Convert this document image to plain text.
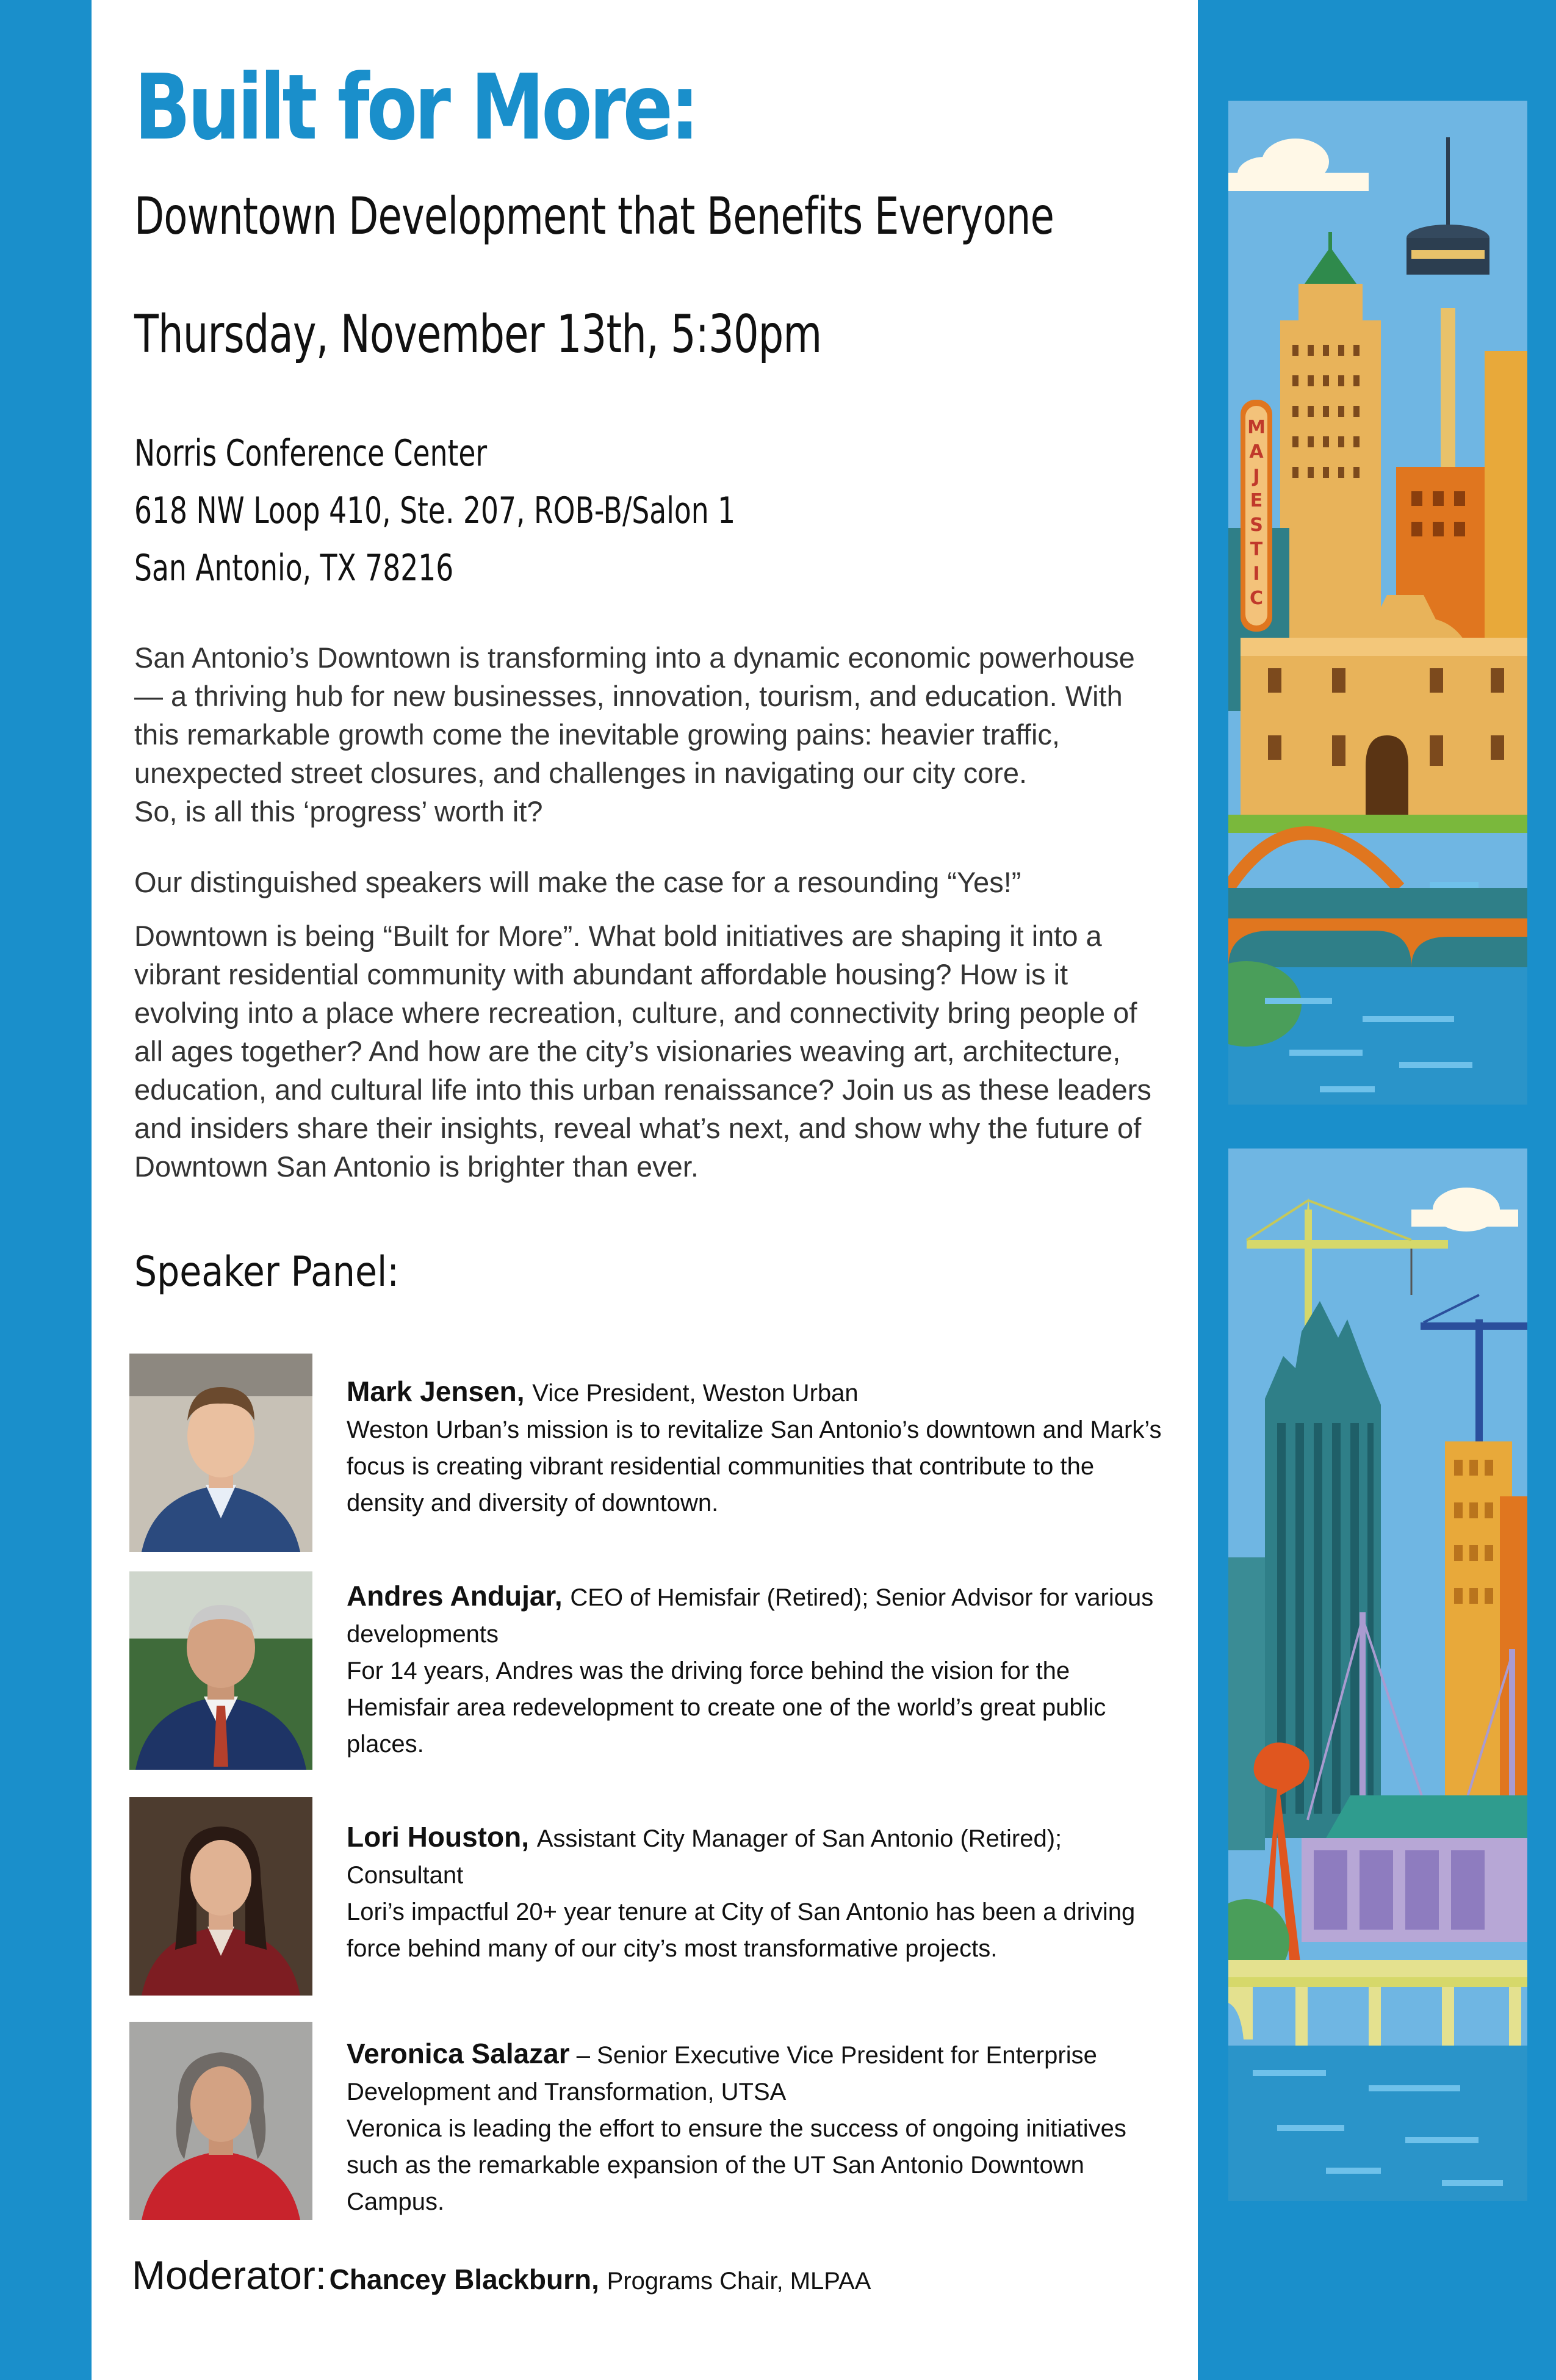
Built for More:
Downtown Development that Benefits Everyone
Thursday, November 13th, 5:30pm
Norris Conference Center
618 NW Loop 410, Ste. 207, ROB-B/Salon 1
San Antonio, TX 78216

San Antonio’s Downtown is transforming into a dynamic economic powerhouse — a thriving hub for new businesses, innovation, tourism, and education. With this remarkable growth come the inevitable growing pains: heavier traffic, unexpected street closures, and challenges in navigating our city core.

So, is all this ‘progress’ worth it?

Our distinguished speakers will make the case for a resounding “Yes!”
Downtown is being “Built for More”. What bold initiatives are shaping it into a vibrant residential community with abundant affordable housing? How is it evolving into a place where recreation, culture, and connectivity bring people of all ages together? And how are the city’s visionaries weaving art, architecture, education, and cultural life into this urban renaissance? Join us as these leaders and insiders share their insights, reveal what’s next, and show why the future of Downtown San Antonio is brighter than ever.
Speaker Panel:
Mark Jensen, Vice President, Weston Urban
Weston Urban’s mission is to revitalize San Antonio’s downtown and Mark’s focus is creating vibrant residential communities that contribute to the density and diversity of downtown.
Andres Andujar, CEO of Hemisfair (Retired); Senior Advisor for various developments
For 14 years, Andres was the driving force behind the vision for the Hemisfair area redevelopment to create one of the world’s great public places.
Lori Houston, Assistant City Manager of San Antonio (Retired); Consultant
Lori’s impactful 20+ year tenure at City of San Antonio has been a driving force behind many of our city’s most transformative projects.
Veronica Salazar – Senior Executive Vice President for Enterprise Development and Transformation, UTSA
Veronica is leading the effort to ensure the success of ongoing initiatives such as the remarkable expansion of the UT San Antonio Downtown Campus.
Moderator: Chancey Blackburn, Programs Chair, MLPAA
M
A
J
E
S
T
I
C
